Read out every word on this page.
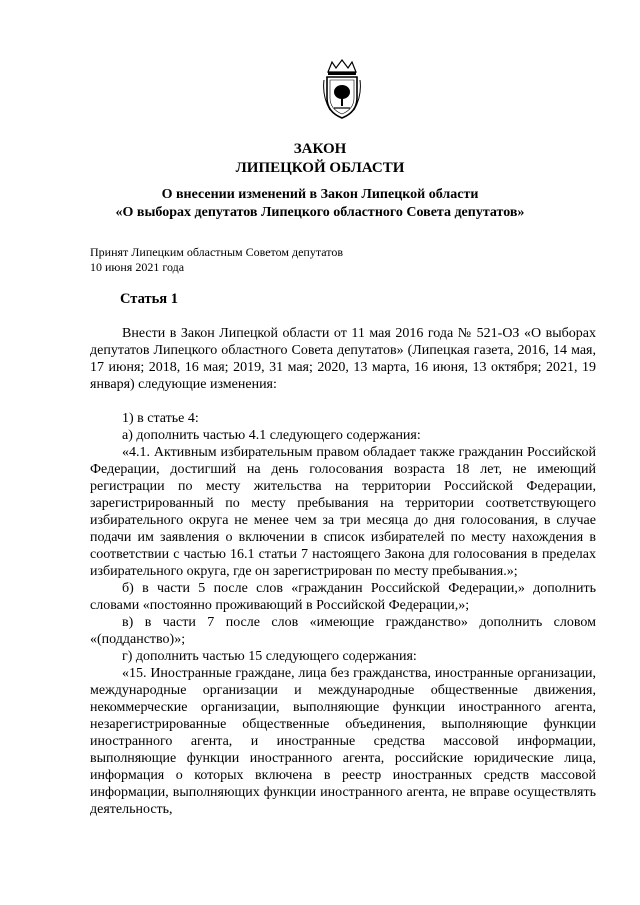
ЗАКОН
ЛИПЕЦКОЙ ОБЛАСТИ
О внесении изменений в Закон Липецкой области
«О выборах депутатов Липецкого областного Совета депутатов»
Принят Липецким областным Советом депутатов
10 июня 2021 года
Статья 1
Внести в Закон Липецкой области от 11 мая 2016 года № 521-ОЗ «О выборах депутатов Липецкого областного Совета депутатов» (Липецкая газета, 2016, 14 мая, 17 июня; 2018, 16 мая; 2019, 31 мая; 2020, 13 марта, 16 июня, 13 октября; 2021, 19 января) следующие изменения:
1) в статье 4:
а) дополнить частью 4.1 следующего содержания:
«4.1. Активным избирательным правом обладает также гражданин Российской Федерации, достигший на день голосования возраста 18 лет, не имеющий регистрации по месту жительства на территории Российской Федерации, зарегистрированный по месту пребывания на территории соответствующего избирательного округа не менее чем за три месяца до дня голосования, в случае подачи им заявления о включении в список избирателей по месту нахождения в соответствии с частью 16.1 статьи 7 настоящего Закона для голосования в пределах избирательного округа, где он зарегистрирован по месту пребывания.»;
б) в части 5 после слов «гражданин Российской Федерации,» дополнить словами «постоянно проживающий в Российской Федерации,»;
в) в части 7 после слов «имеющие гражданство» дополнить словом «(подданство)»;
г) дополнить частью 15 следующего содержания:
«15. Иностранные граждане, лица без гражданства, иностранные организации, международные организации и международные общественные движения, некоммерческие организации, выполняющие функции иностранного агента, незарегистрированные общественные объединения, выполняющие функции иностранного агента, и иностранные средства массовой информации, выполняющие функции иностранного агента, российские юридические лица, информация о которых включена в реестр иностранных средств массовой информации, выполняющих функции иностранного агента, не вправе осуществлять деятельность,
